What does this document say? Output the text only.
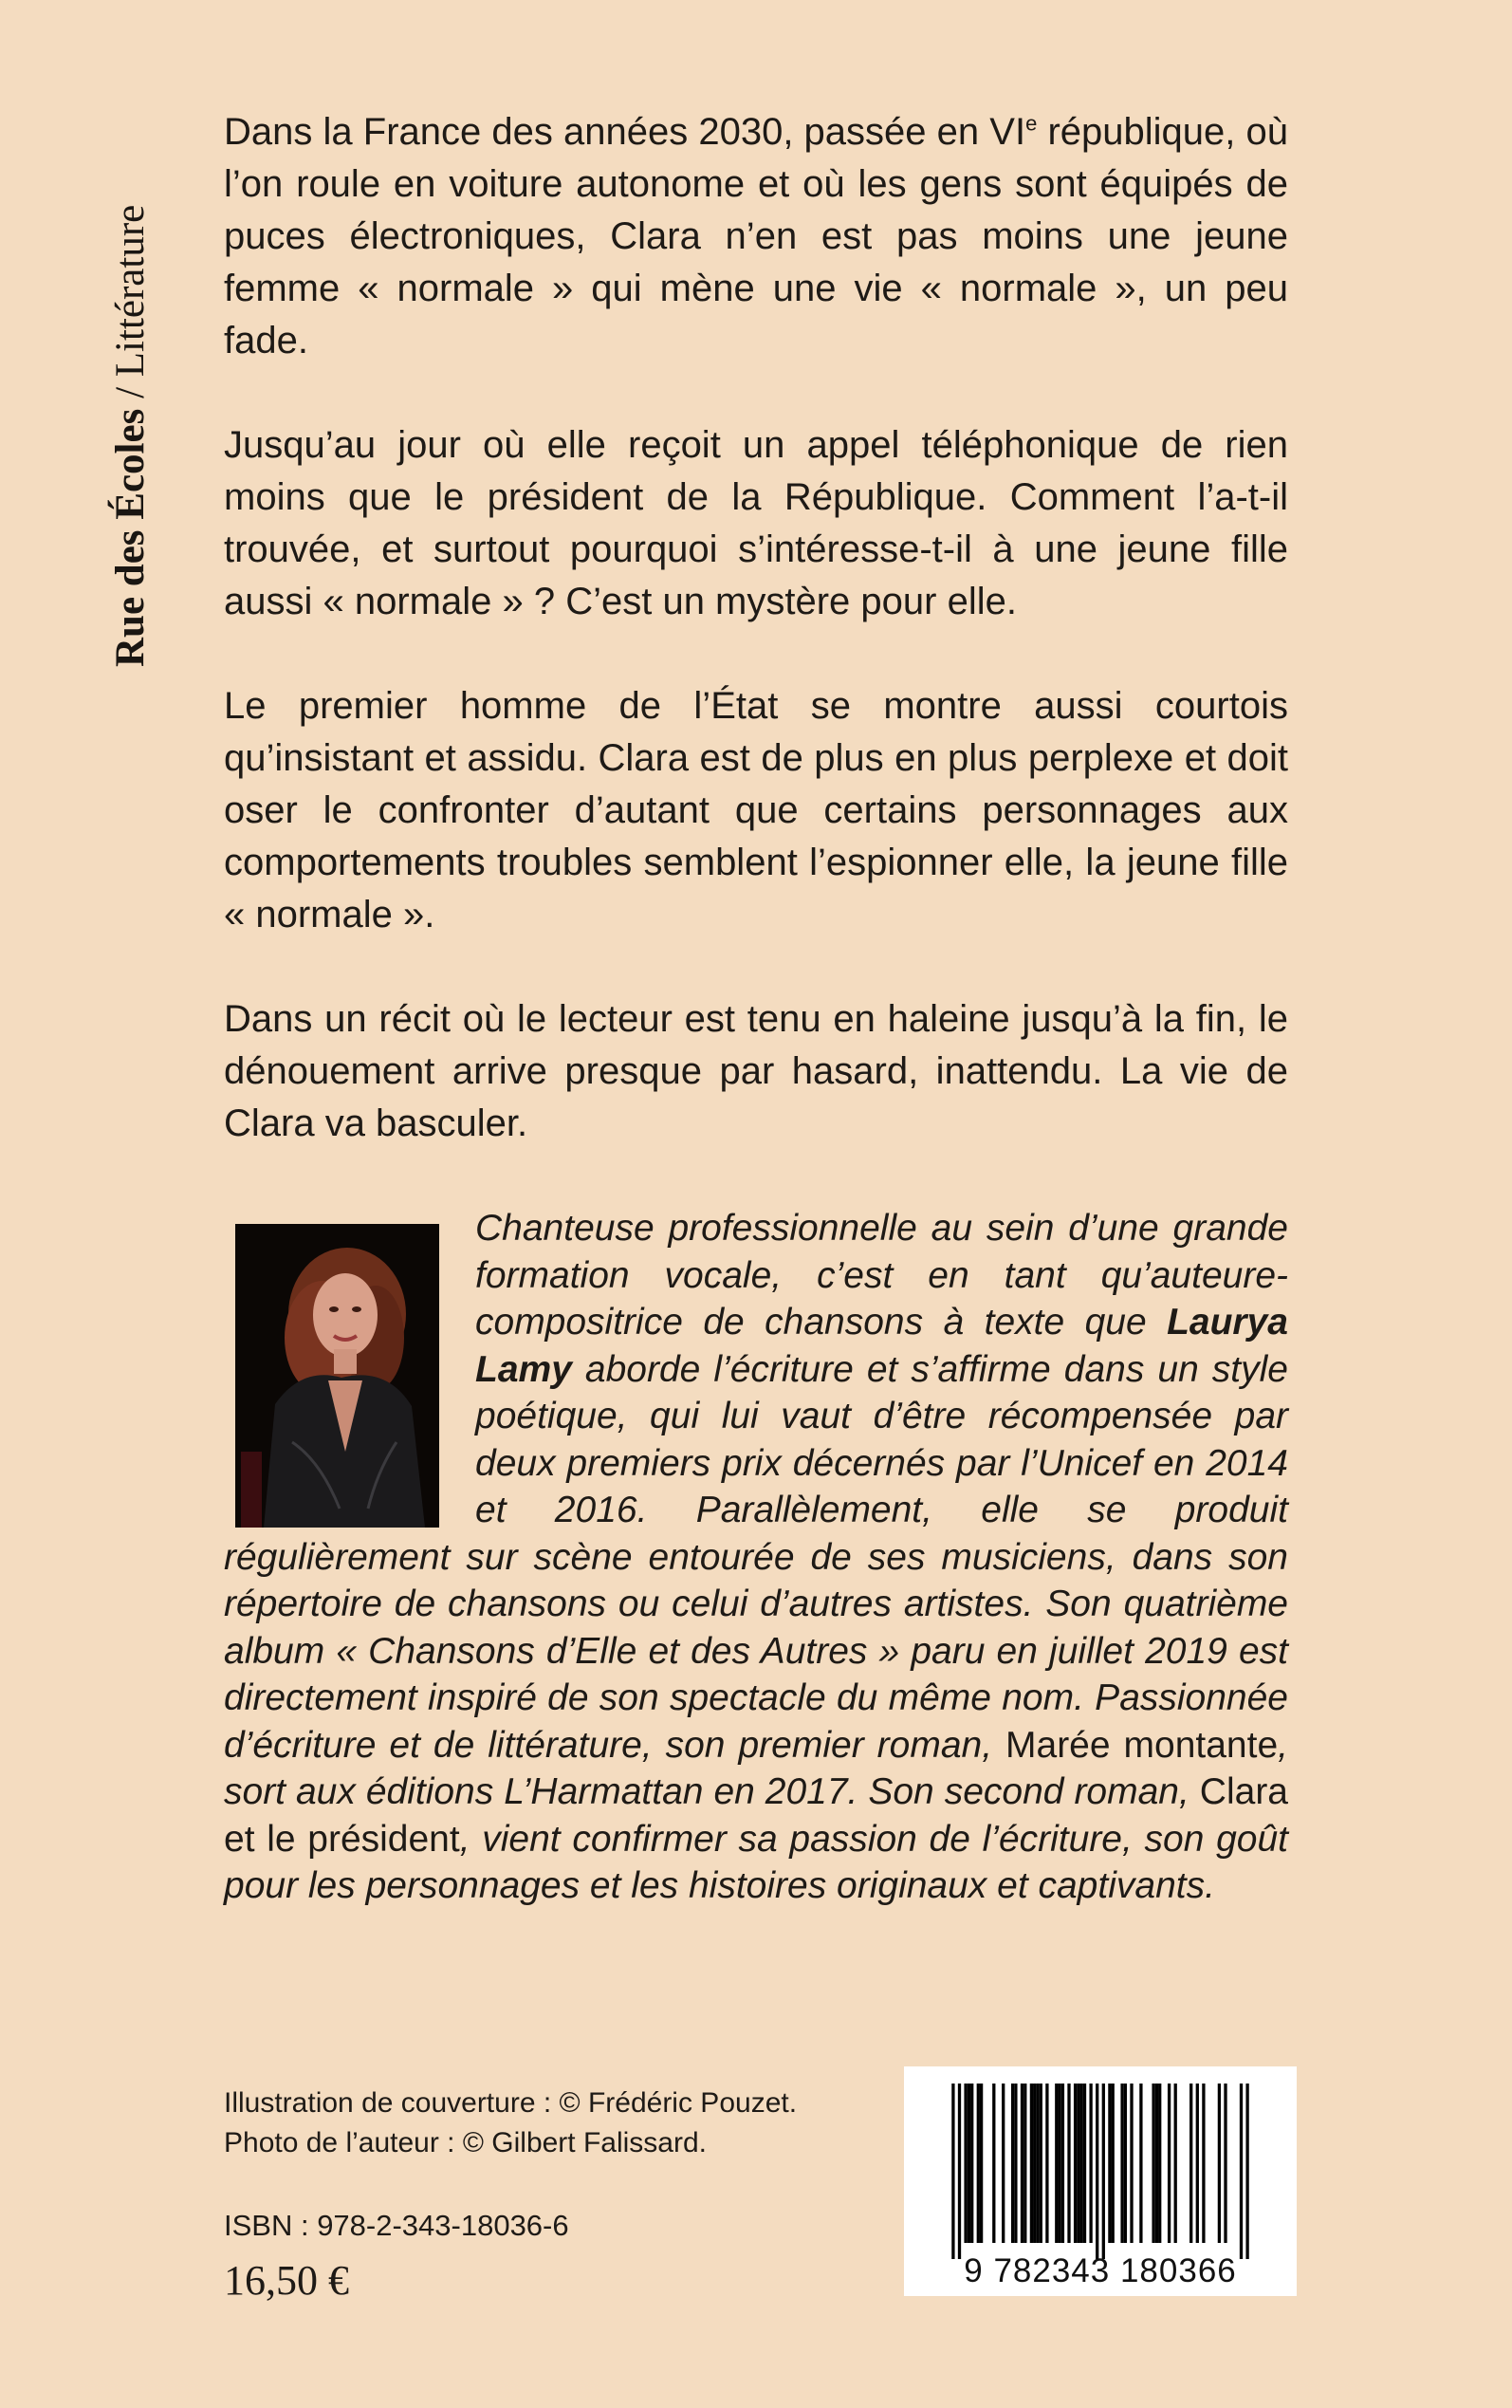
Rue des Écoles / Littérature

Dans la France des années 2030, passée en VIe république, où l’on roule en voiture autonome et où les gens sont équipés de puces électroniques, Clara n’en est pas moins une jeune femme « normale » qui mène une vie « normale », un peu fade.

Jusqu’au jour où elle reçoit un appel téléphonique de rien moins que le président de la République. Comment l’a-t-il trouvée, et surtout pourquoi s’intéresse-t-il à une jeune fille aussi « normale » ? C’est un mystère pour elle.

Le premier homme de l’État se montre aussi courtois qu’insistant et assidu. Clara est de plus en plus perplexe et doit oser le confronter d’autant que certains personnages aux comportements troubles semblent l’espionner elle, la jeune fille « normale ».

Dans un récit où le lecteur est tenu en haleine jusqu’à la fin, le dénouement arrive presque par hasard, inattendu. La vie de Clara va basculer.

Chanteuse professionnelle au sein d’une grande formation vocale, c’est en tant qu’auteure-compositrice de chansons à texte que Laurya Lamy aborde l’écriture et s’affirme dans un style poétique, qui lui vaut d’être récompensée par deux premiers prix décernés par l’Unicef en 2014 et 2016. Parallèlement, elle se produit régulièrement sur scène entourée de ses musiciens, dans son répertoire de chansons ou celui d’autres artistes. Son quatrième album « Chansons d’Elle et des Autres » paru en juillet 2019 est directement inspiré de son spectacle du même nom. Passionnée d’écriture et de littérature, son premier roman, Marée montante, sort aux éditions L’Harmattan en 2017. Son second roman, Clara et le président, vient confirmer sa passion de l’écriture, son goût pour les personnages et les histoires originaux et captivants.
Illustration de couverture : © Frédéric Pouzet.
Photo de l’auteur : © Gilbert Falissard.
ISBN : 978-2-343-18036-6
16,50 €	9 782343 180366
